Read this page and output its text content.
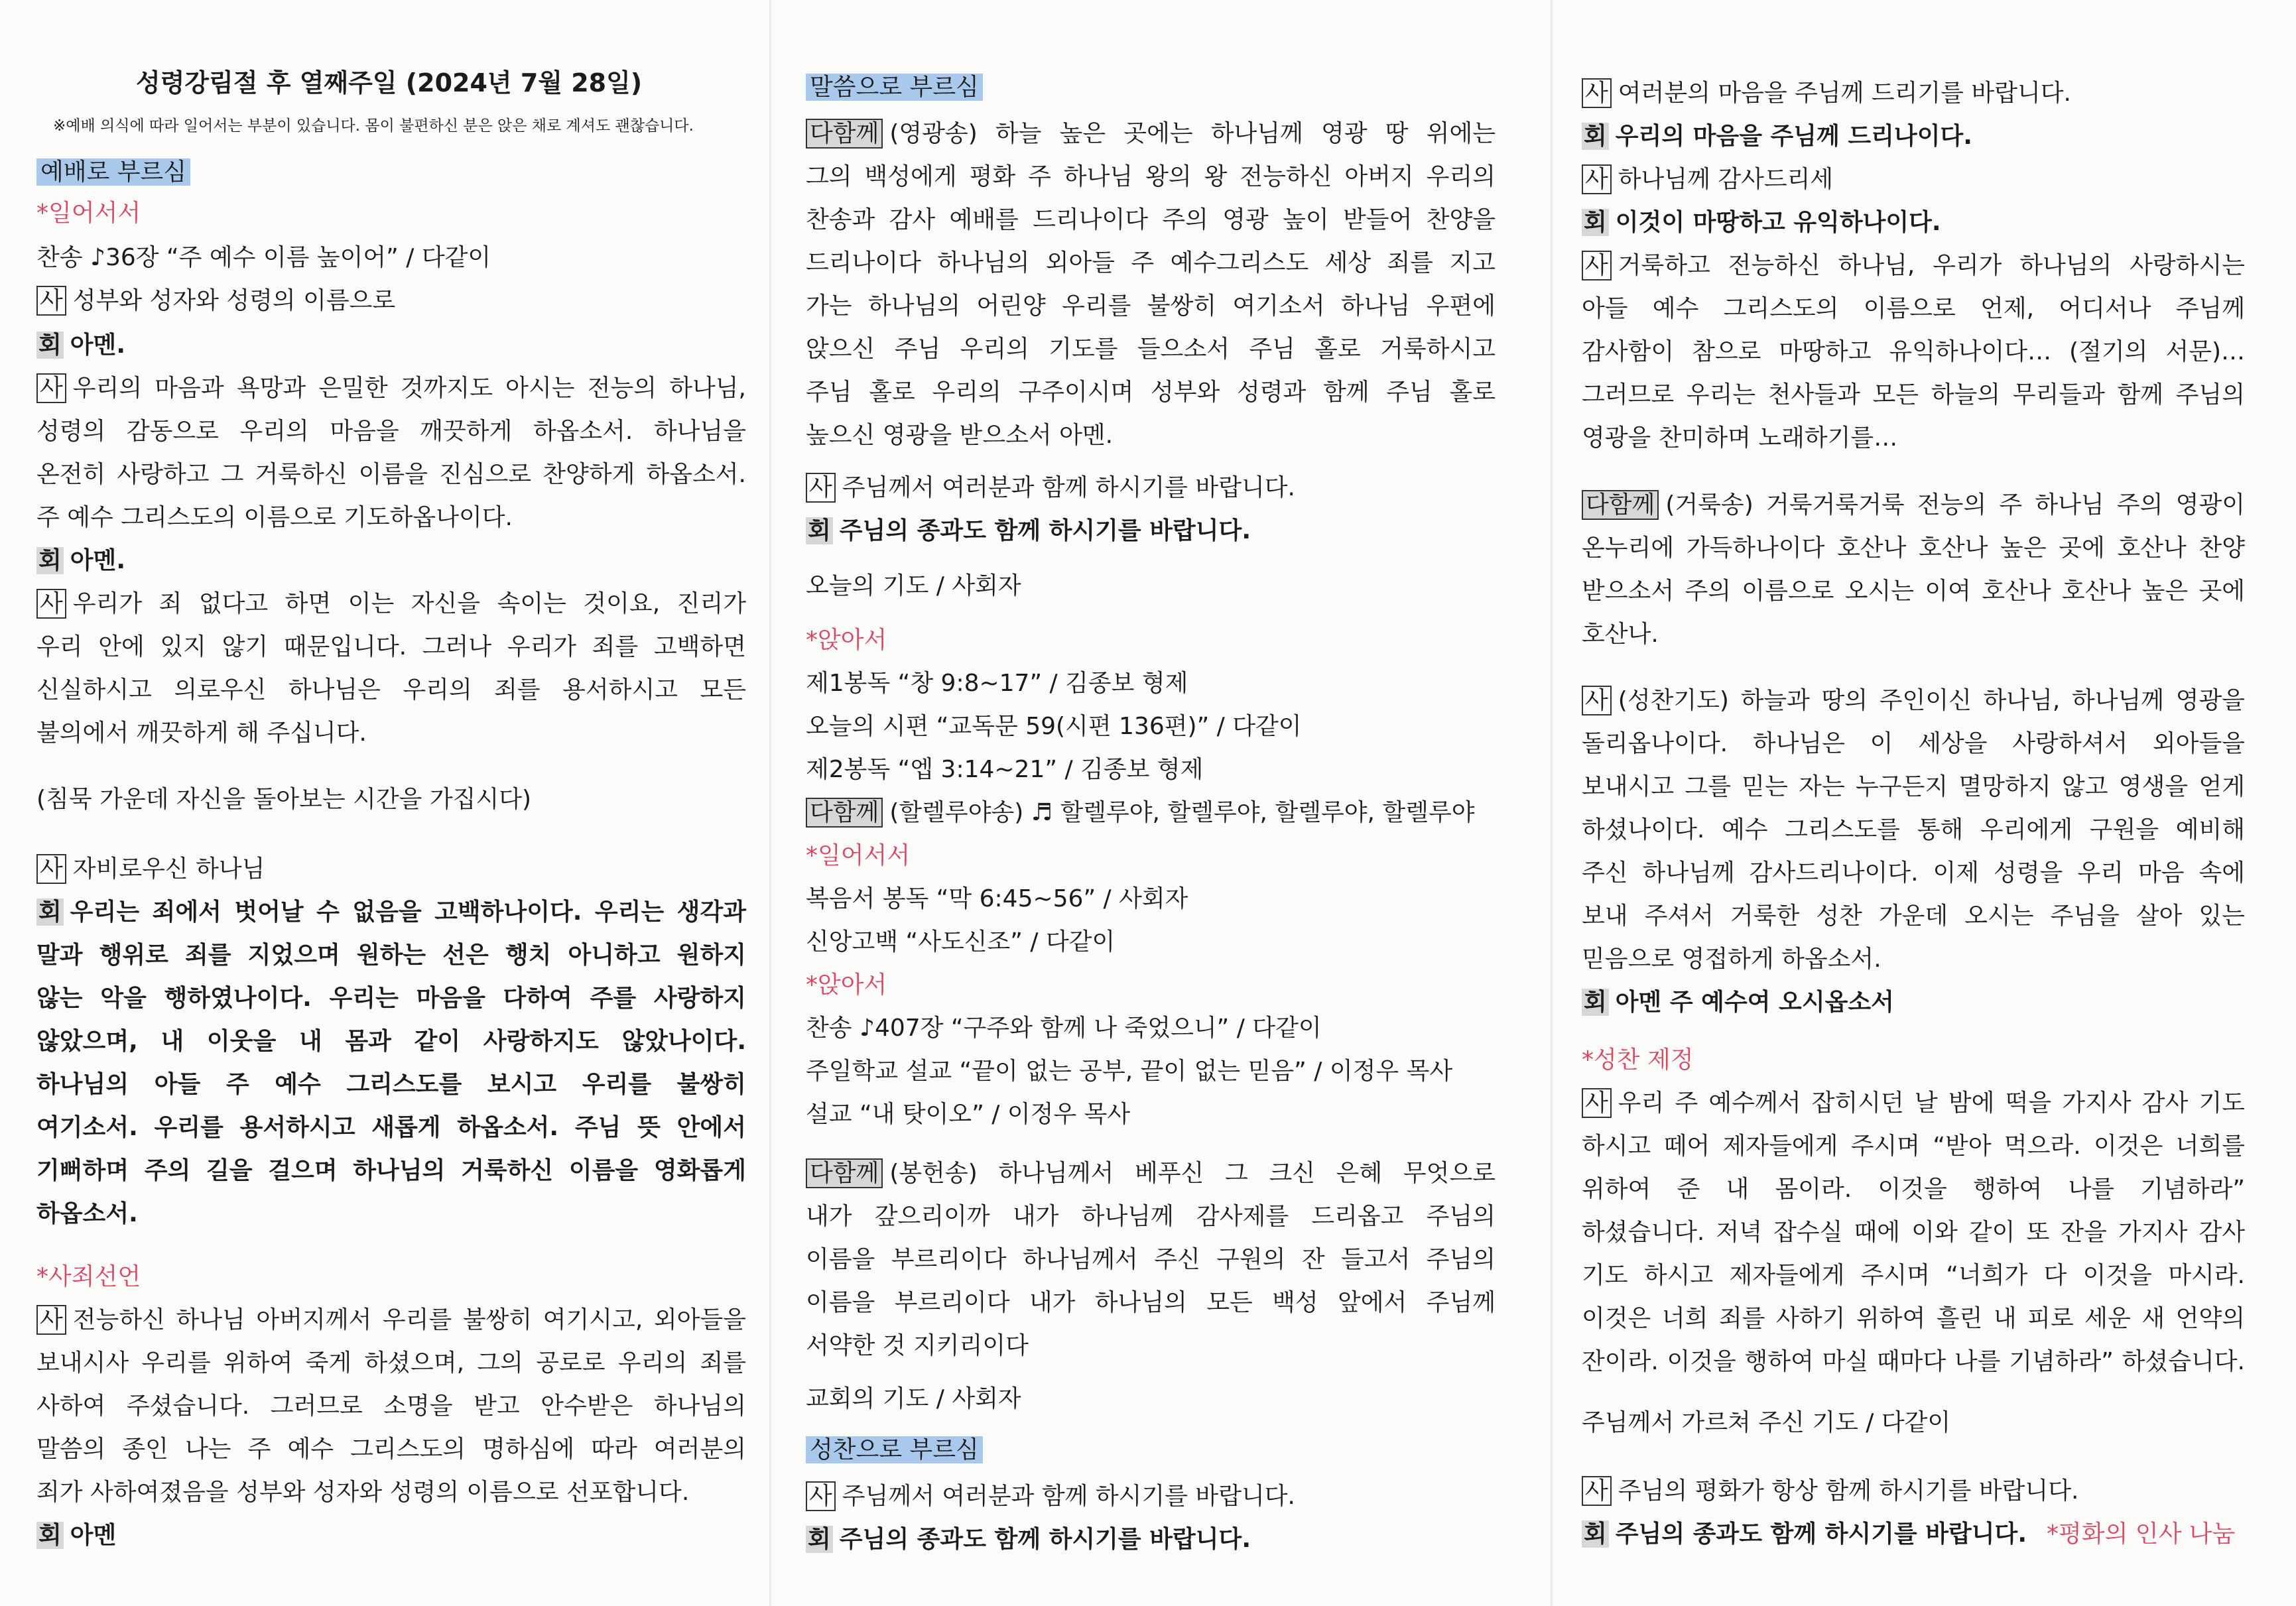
성령강림절 후 열째주일 (2024년 7월 28일)
※예배 의식에 따라 일어서는 부분이 있습니다. 몸이 불편하신 분은 앉은 채로 계셔도 괜찮습니다.
예배로 부르심
*일어서서
찬송 ♪36장 “주 예수 이름 높이어” / 다같이
사 성부와 성자와 성령의 이름으로
회 아멘.
사 우리의 마음과 욕망과 은밀한 것까지도 아시는 전능의 하나님,
성령의 감동으로 우리의 마음을 깨끗하게 하옵소서. 하나님을
온전히 사랑하고 그 거룩하신 이름을 진심으로 찬양하게 하옵소서.
주 예수 그리스도의 이름으로 기도하옵나이다.
회 아멘.
사 우리가 죄 없다고 하면 이는 자신을 속이는 것이요, 진리가
우리 안에 있지 않기 때문입니다. 그러나 우리가 죄를 고백하면
신실하시고 의로우신 하나님은 우리의 죄를 용서하시고 모든
불의에서 깨끗하게 해 주십니다.
(침묵 가운데 자신을 돌아보는 시간을 가집시다)
사 자비로우신 하나님
회 우리는 죄에서 벗어날 수 없음을 고백하나이다. 우리는 생각과
말과 행위로 죄를 지었으며 원하는 선은 행치 아니하고 원하지
않는 악을 행하였나이다. 우리는 마음을 다하여 주를 사랑하지
않았으며, 내 이웃을 내 몸과 같이 사랑하지도 않았나이다.
하나님의 아들 주 예수 그리스도를 보시고 우리를 불쌍히
여기소서. 우리를 용서하시고 새롭게 하옵소서. 주님 뜻 안에서
기뻐하며 주의 길을 걸으며 하나님의 거룩하신 이름을 영화롭게
하옵소서.
*사죄선언
사 전능하신 하나님 아버지께서 우리를 불쌍히 여기시고, 외아들을
보내시사 우리를 위하여 죽게 하셨으며, 그의 공로로 우리의 죄를
사하여 주셨습니다. 그러므로 소명을 받고 안수받은 하나님의
말씀의 종인 나는 주 예수 그리스도의 명하심에 따라 여러분의
죄가 사하여졌음을 성부와 성자와 성령의 이름으로 선포합니다.
회 아멘
말씀으로 부르심
다함께 (영광송) 하늘 높은 곳에는 하나님께 영광 땅 위에는
그의 백성에게 평화 주 하나님 왕의 왕 전능하신 아버지 우리의
찬송과 감사 예배를 드리나이다 주의 영광 높이 받들어 찬양을
드리나이다 하나님의 외아들 주 예수그리스도 세상 죄를 지고
가는 하나님의 어린양 우리를 불쌍히 여기소서 하나님 우편에
앉으신 주님 우리의 기도를 들으소서 주님 홀로 거룩하시고
주님 홀로 우리의 구주이시며 성부와 성령과 함께 주님 홀로
높으신 영광을 받으소서 아멘.
사 주님께서 여러분과 함께 하시기를 바랍니다.
회 주님의 종과도 함께 하시기를 바랍니다.
오늘의 기도 / 사회자
*앉아서
제1봉독 “창 9:8~17” / 김종보 형제
오늘의 시편 “교독문 59(시편 136편)” / 다같이
제2봉독 “엡 3:14~21” / 김종보 형제
다함께 (할렐루야송) ♬ 할렐루야, 할렐루야, 할렐루야, 할렐루야
*일어서서
복음서 봉독 “막 6:45~56” / 사회자
신앙고백 “사도신조” / 다같이
*앉아서
찬송 ♪407장 “구주와 함께 나 죽었으니” / 다같이
주일학교 설교 “끝이 없는 공부, 끝이 없는 믿음” / 이정우 목사
설교 “내 탓이오” / 이정우 목사
다함께 (봉헌송) 하나님께서 베푸신 그 크신 은혜 무엇으로
내가 갚으리이까 내가 하나님께 감사제를 드리옵고 주님의
이름을 부르리이다 하나님께서 주신 구원의 잔 들고서 주님의
이름을 부르리이다 내가 하나님의 모든 백성 앞에서 주님께
서약한 것 지키리이다
교회의 기도 / 사회자
성찬으로 부르심
사 주님께서 여러분과 함께 하시기를 바랍니다.
회 주님의 종과도 함께 하시기를 바랍니다.
사 여러분의 마음을 주님께 드리기를 바랍니다.
회 우리의 마음을 주님께 드리나이다.
사 하나님께 감사드리세
회 이것이 마땅하고 유익하나이다.
사 거룩하고 전능하신 하나님, 우리가 하나님의 사랑하시는
아들 예수 그리스도의 이름으로 언제, 어디서나 주님께
감사함이 참으로 마땅하고 유익하나이다… (절기의 서문)…
그러므로 우리는 천사들과 모든 하늘의 무리들과 함께 주님의
영광을 찬미하며 노래하기를…
다함께 (거룩송) 거룩거룩거룩 전능의 주 하나님 주의 영광이
온누리에 가득하나이다 호산나 호산나 높은 곳에 호산나 찬양
받으소서 주의 이름으로 오시는 이여 호산나 호산나 높은 곳에
호산나.
사 (성찬기도) 하늘과 땅의 주인이신 하나님, 하나님께 영광을
돌리옵나이다. 하나님은 이 세상을 사랑하셔서 외아들을
보내시고 그를 믿는 자는 누구든지 멸망하지 않고 영생을 얻게
하셨나이다. 예수 그리스도를 통해 우리에게 구원을 예비해
주신 하나님께 감사드리나이다. 이제 성령을 우리 마음 속에
보내 주셔서 거룩한 성찬 가운데 오시는 주님을 살아 있는
믿음으로 영접하게 하옵소서.
회 아멘 주 예수여 오시옵소서
*성찬 제정
사 우리 주 예수께서 잡히시던 날 밤에 떡을 가지사 감사 기도
하시고 떼어 제자들에게 주시며 “받아 먹으라. 이것은 너희를
위하여 준 내 몸이라. 이것을 행하여 나를 기념하라”
하셨습니다. 저녁 잡수실 때에 이와 같이 또 잔을 가지사 감사
기도 하시고 제자들에게 주시며 “너희가 다 이것을 마시라.
이것은 너희 죄를 사하기 위하여 흘린 내 피로 세운 새 언약의
잔이라. 이것을 행하여 마실 때마다 나를 기념하라” 하셨습니다.
주님께서 가르쳐 주신 기도 / 다같이
사 주님의 평화가 항상 함께 하시기를 바랍니다.
회 주님의 종과도 함께 하시기를 바랍니다. *평화의 인사 나눔
